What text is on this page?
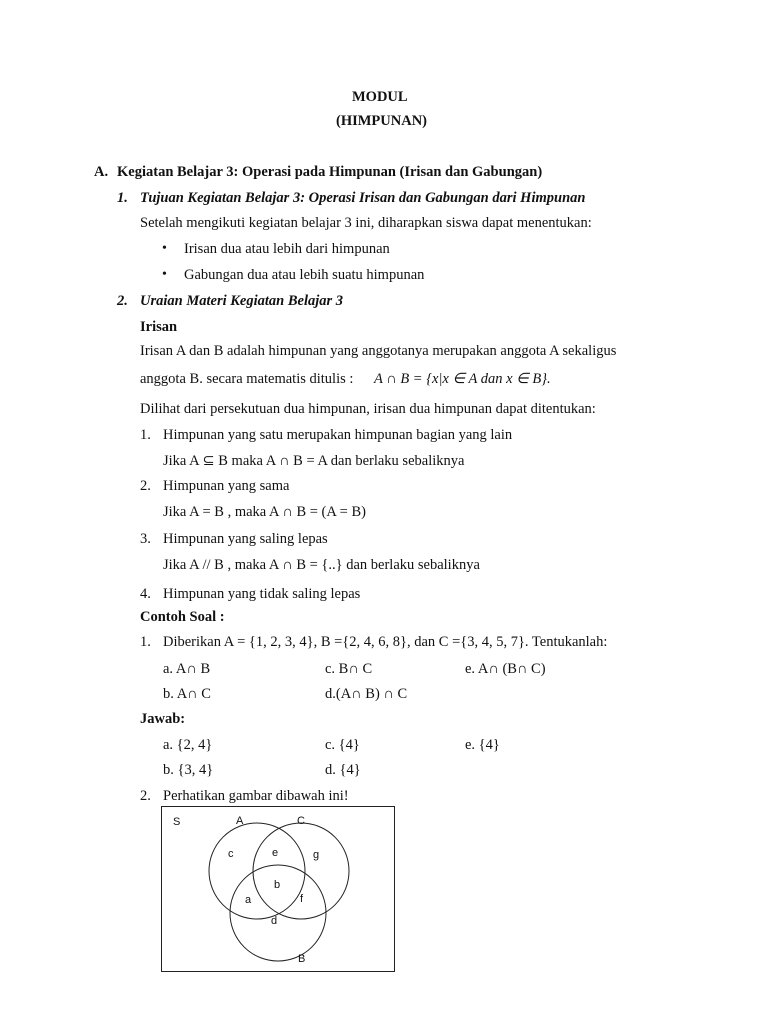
MODUL
(HIMPUNAN)
A. Kegiatan Belajar 3: Operasi pada Himpunan (Irisan dan Gabungan)
1. Tujuan Kegiatan Belajar 3: Operasi Irisan dan Gabungan dari Himpunan
Setelah mengikuti kegiatan belajar 3 ini, diharapkan siswa dapat menentukan:
• Irisan dua atau lebih dari himpunan
• Gabungan dua atau lebih suatu himpunan
2. Uraian Materi Kegiatan Belajar 3
Irisan
Irisan A dan B adalah himpunan yang anggotanya merupakan anggota A sekaligus
anggota B. secara matematis ditulis : A ∩ B = {x|x ∈ A dan x ∈ B}.
Dilihat dari persekutuan dua himpunan, irisan dua himpunan dapat ditentukan:
1. Himpunan yang satu merupakan himpunan bagian yang lain
Jika A ⊆ B maka A ∩ B = A dan berlaku sebaliknya
2. Himpunan yang sama
Jika A = B , maka A ∩ B = (A = B)
3. Himpunan yang saling lepas
Jika A // B , maka A ∩ B = {..} dan berlaku sebaliknya
4. Himpunan yang tidak saling lepas
Contoh Soal :
1. Diberikan A = {1, 2, 3, 4}, B ={2, 4, 6, 8}, dan C ={3, 4, 5, 7}. Tentukanlah:
a. A∩ B	c. B∩ C	e. A∩ (B∩ C)
b. A∩ C	d.(A∩ B) ∩ C
Jawab:
a. {2, 4}	c. {4}	e. {4}
b. {3, 4}	d. {4}
2. Perhatikan gambar dibawah ini!
S	A	C
c	e	g
b
a	f
d
B
